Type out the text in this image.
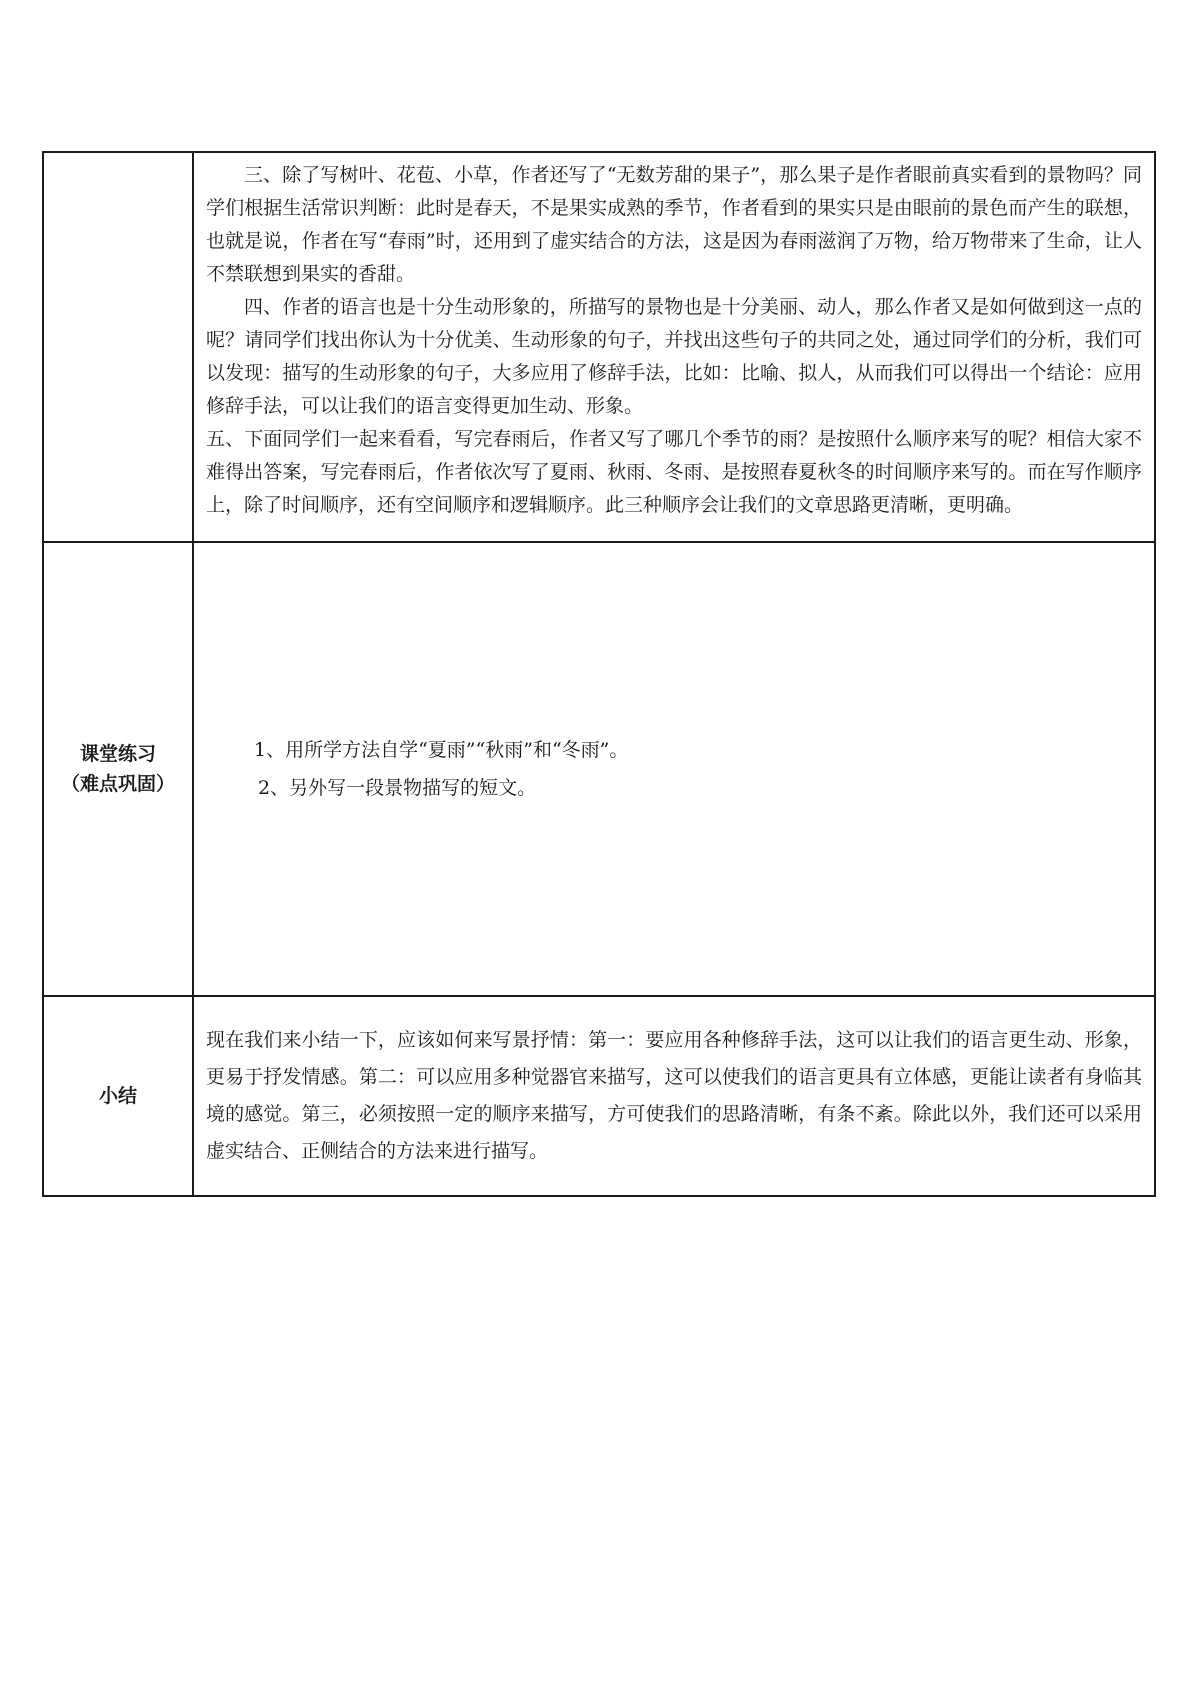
	三、除了写树叶、花苞、小草，作者还写了“无数芳甜的果子”，那么果子是作者眼前真实看到的景物吗？同学们根据生活常识判断：此时是春天，不是果实成熟的季节，作者看到的果实只是由眼前的景色而产生的联想，也就是说，作者在写“春雨”时，还用到了虚实结合的方法，这是因为春雨滋润了万物，给万物带来了生命，让人不禁联想到果实的香甜。

四、作者的语言也是十分生动形象的，所描写的景物也是十分美丽、动人，那么作者又是如何做到这一点的呢？请同学们找出你认为十分优美、生动形象的句子，并找出这些句子的共同之处，通过同学们的分析，我们可以发现：描写的生动形象的句子，大多应用了修辞手法，比如：比喻、拟人，从而我们可以得出一个结论：应用修辞手法，可以让我们的语言变得更加生动、形象。

五、下面同学们一起来看看，写完春雨后，作者又写了哪几个季节的雨？是按照什么顺序来写的呢？相信大家不难得出答案，写完春雨后，作者依次写了夏雨、秋雨、冬雨、是按照春夏秋冬的时间顺序来写的。而在写作顺序上，除了时间顺序，还有空间顺序和逻辑顺序。此三种顺序会让我们的文章思路更清晰，更明确。

课堂练习
（难点巩固）	1、用所学方法自学“夏雨”“秋雨”和“冬雨”。
2、另外写一段景物描写的短文。

小结	现在我们来小结一下，应该如何来写景抒情：第一：要应用各种修辞手法，这可以让我们的语言更生动、形象，更易于抒发情感。第二：可以应用多种觉器官来描写，这可以使我们的语言更具有立体感，更能让读者有身临其境的感觉。第三，必须按照一定的顺序来描写，方可使我们的思路清晰，有条不紊。除此以外，我们还可以采用虚实结合、正侧结合的方法来进行描写。
